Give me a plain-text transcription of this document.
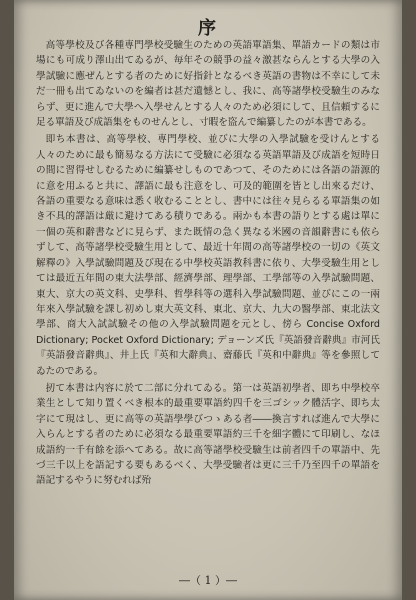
序

高等學校及び各種専門學校受驗生のための英語單語集、單語カードの類は市場にも可成り澤山出てゐるが、毎年その競爭の益々激甚ならんとする大學の入學試驗に應ぜんとする者のために好指針となるべき英語の書物は不幸にして未だ一冊も出てゐないのを編者は甚だ遺憾とし、我に、高等諸學校受驗生のみならず、更に進んで大學へ入學せんとする人々のため必須にして、且信頼するに足る單語及び成語集をものせんとし、寸暇を盜んで編纂したのが本書である。

即ち本書は、高等學校、専門學校、並びに大學の入學試驗を受けんとする人々のために最も簡易なる方法にて受驗に必須なる英語單語及び成語を短時日の間に習得せしむるために編纂せしものであつて、そのためには各語の語源的に意を用ふると共に、譯語に最も注意をし、可及的範圍を皆とし出來るだけ、各語の重要なる意味は悉く收むることとし、書中には往々見らるる單語集の如き不具的譯語は厳に避けてある積りである。兩かも本書の語りとする處は單に一個の英和辭書などに見らず、また既情の急く異なる米國の音韻辭書にも依らずして、高等諸學校受驗生用として、最近十年間の高等諸學校の一切の《英文解釋の》入學試驗問題及び現在る中學校英語教科書に依り、大學受驗生用としては最近五年間の東大法學部、經濟學部、理學部、工學部等の入學試驗問題、東大、京大の英文科、史學科、哲學科等の選科入學試驗問題、並びにこの一兩年來入學試驗を課し初めし東大英文科、東北、京大、九大の醫學部、東北法文學部、商大入試試驗その他の入學試驗問題を元とし、傍ら Concise Oxford Dictionary; Pocket Oxford Dictionary; デョーンズ氏『英語發音辭典』市河氏『英語發音辭典』、井上氏『英和大辭典』、齋藤氏『英和中辭典』等を參照してゐたのである。

扨て本書は内容に於て二部に分れてゐる。第一は英語初學者、即ち中學校卒業生として知り置くべき根本的最重要單語約四千を三ゴシック體活字、即ち太字にて現はし、更に高等の英語學學びつゝある者――換言すれば進んで大學に入らんとする者のために必須なる最重要單語約三千を細字體にて印刷し、なほ成語約一千有餘を添へてある。故に高等諸學校受驗生は前者四千の單語中、先づ三千以上を語記する要もあるべく、大學受驗者は更に三千乃至四千の單語を語記するやうに努むれば殆

―（ 1 ）―
